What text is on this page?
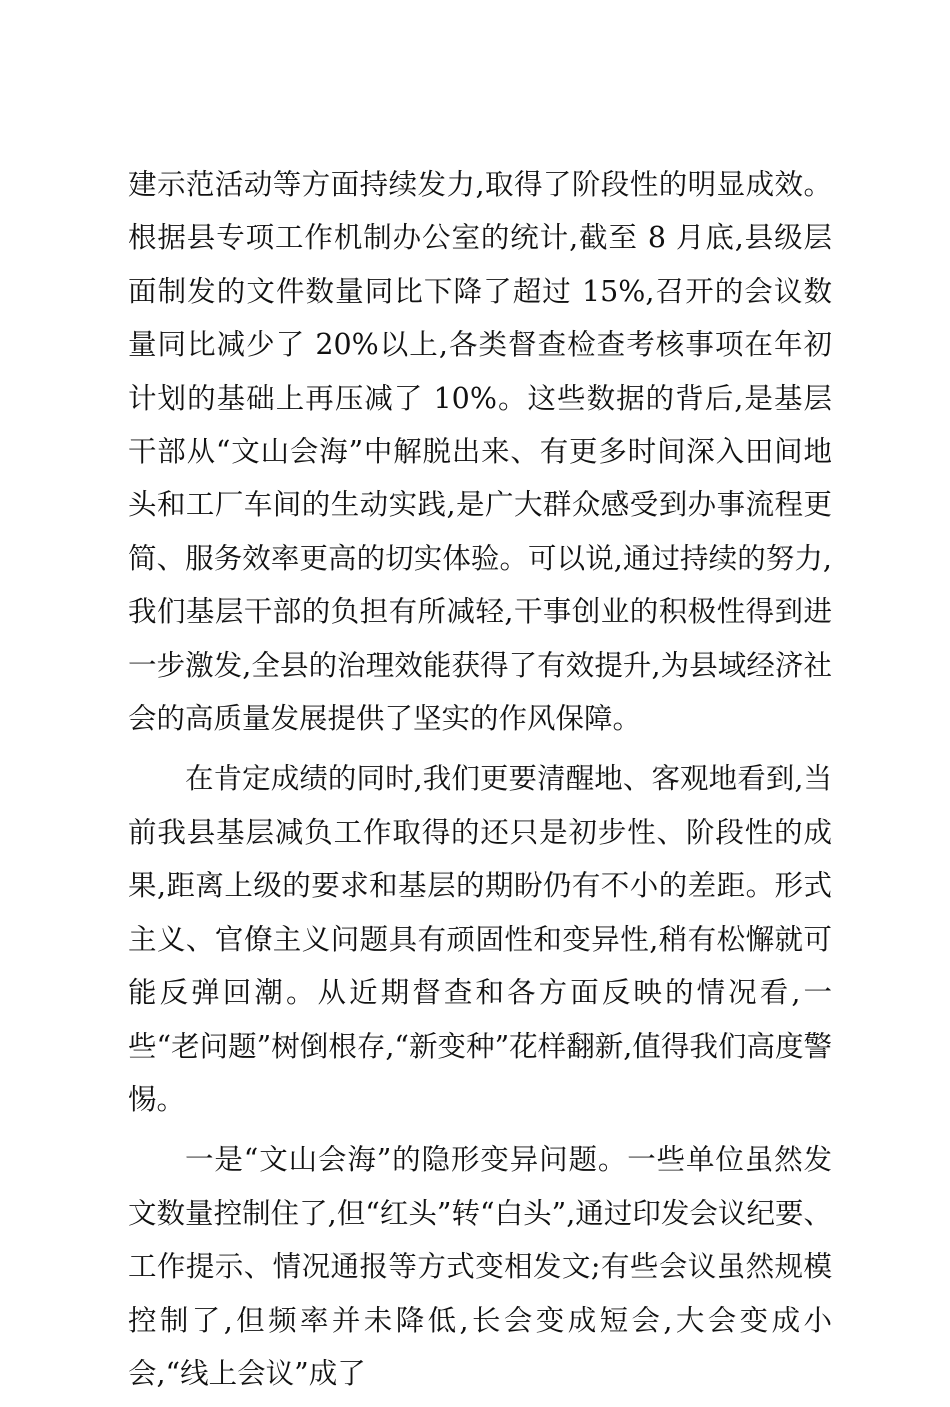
建示范活动等方面持续发力,取得了阶段性的明显成效。根据县专项工作机制办公室的统计,截至 8 月底,县级层面制发的文件数量同比下降了超过 15%,召开的会议数量同比减少了 20%以上,各类督查检查考核事项在年初计划的基础上再压减了 10%。这些数据的背后,是基层干部从“文山会海”中解脱出来、有更多时间深入田间地头和工厂车间的生动实践,是广大群众感受到办事流程更简、服务效率更高的切实体验。可以说,通过持续的努力,我们基层干部的负担有所减轻,干事创业的积极性得到进一步激发,全县的治理效能获得了有效提升,为县域经济社会的高质量发展提供了坚实的作风保障。

在肯定成绩的同时,我们更要清醒地、客观地看到,当前我县基层减负工作取得的还只是初步性、阶段性的成果,距离上级的要求和基层的期盼仍有不小的差距。形式主义、官僚主义问题具有顽固性和变异性,稍有松懈就可能反弹回潮。从近期督查和各方面反映的情况看,一些“老问题”树倒根存,“新变种”花样翻新,值得我们高度警惕。

一是“文山会海”的隐形变异问题。一些单位虽然发文数量控制住了,但“红头”转“白头”,通过印发会议纪要、工作提示、情况通报等方式变相发文;有些会议虽然规模控制了,但频率并未降低,长会变成短会,大会变成小会,“线上会议”成了
